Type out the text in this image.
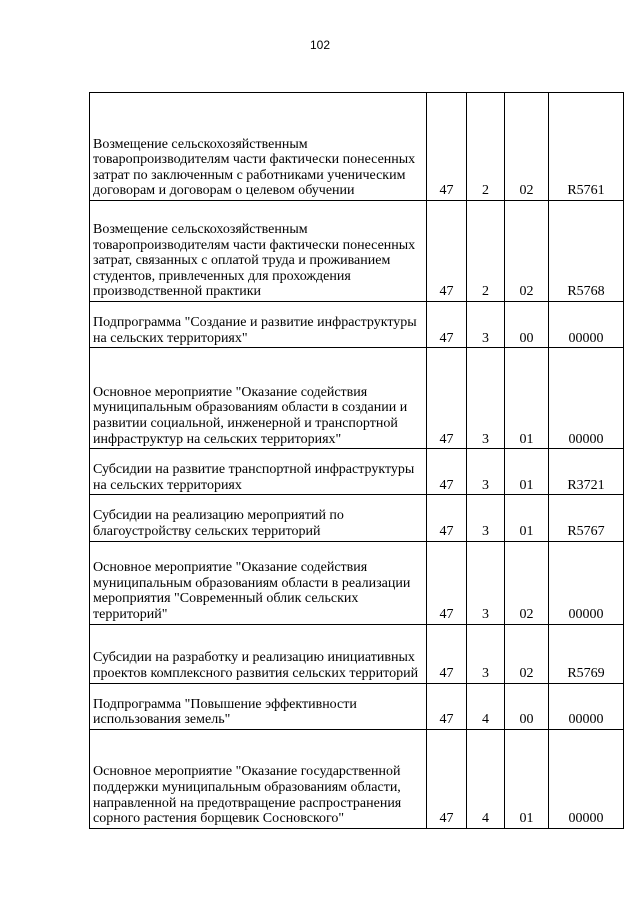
102
Возмещение сельскохозяйственным товаропроизводителям части фактически понесенных затрат по заключенным с работниками ученическим договорам и договорам о целевом обучении	47	2	02	R5761
Возмещение сельскохозяйственным товаропроизводителям части фактически понесенных затрат, связанных с оплатой труда и проживанием студентов, привлеченных для прохождения производственной практики	47	2	02	R5768
Подпрограмма "Создание и развитие инфраструктуры на сельских территориях"	47	3	00	00000
Основное мероприятие "Оказание содействия муниципальным образованиям области в создании и развитии социальной, инженерной и транспортной инфраструктур на сельских территориях"	47	3	01	00000
Субсидии на развитие транспортной инфраструктуры на сельских территориях	47	3	01	R3721
Субсидии на реализацию мероприятий по благоустройству сельских территорий	47	3	01	R5767
Основное мероприятие "Оказание содействия муниципальным образованиям области в реализации мероприятия "Современный облик сельских территорий"	47	3	02	00000
Субсидии на разработку и реализацию инициативных проектов комплексного развития сельских территорий	47	3	02	R5769
Подпрограмма "Повышение эффективности использования земель"	47	4	00	00000
Основное мероприятие "Оказание государственной поддержки муниципальным образованиям области, направленной на предотвращение распространения сорного растения борщевик Сосновского"	47	4	01	00000
